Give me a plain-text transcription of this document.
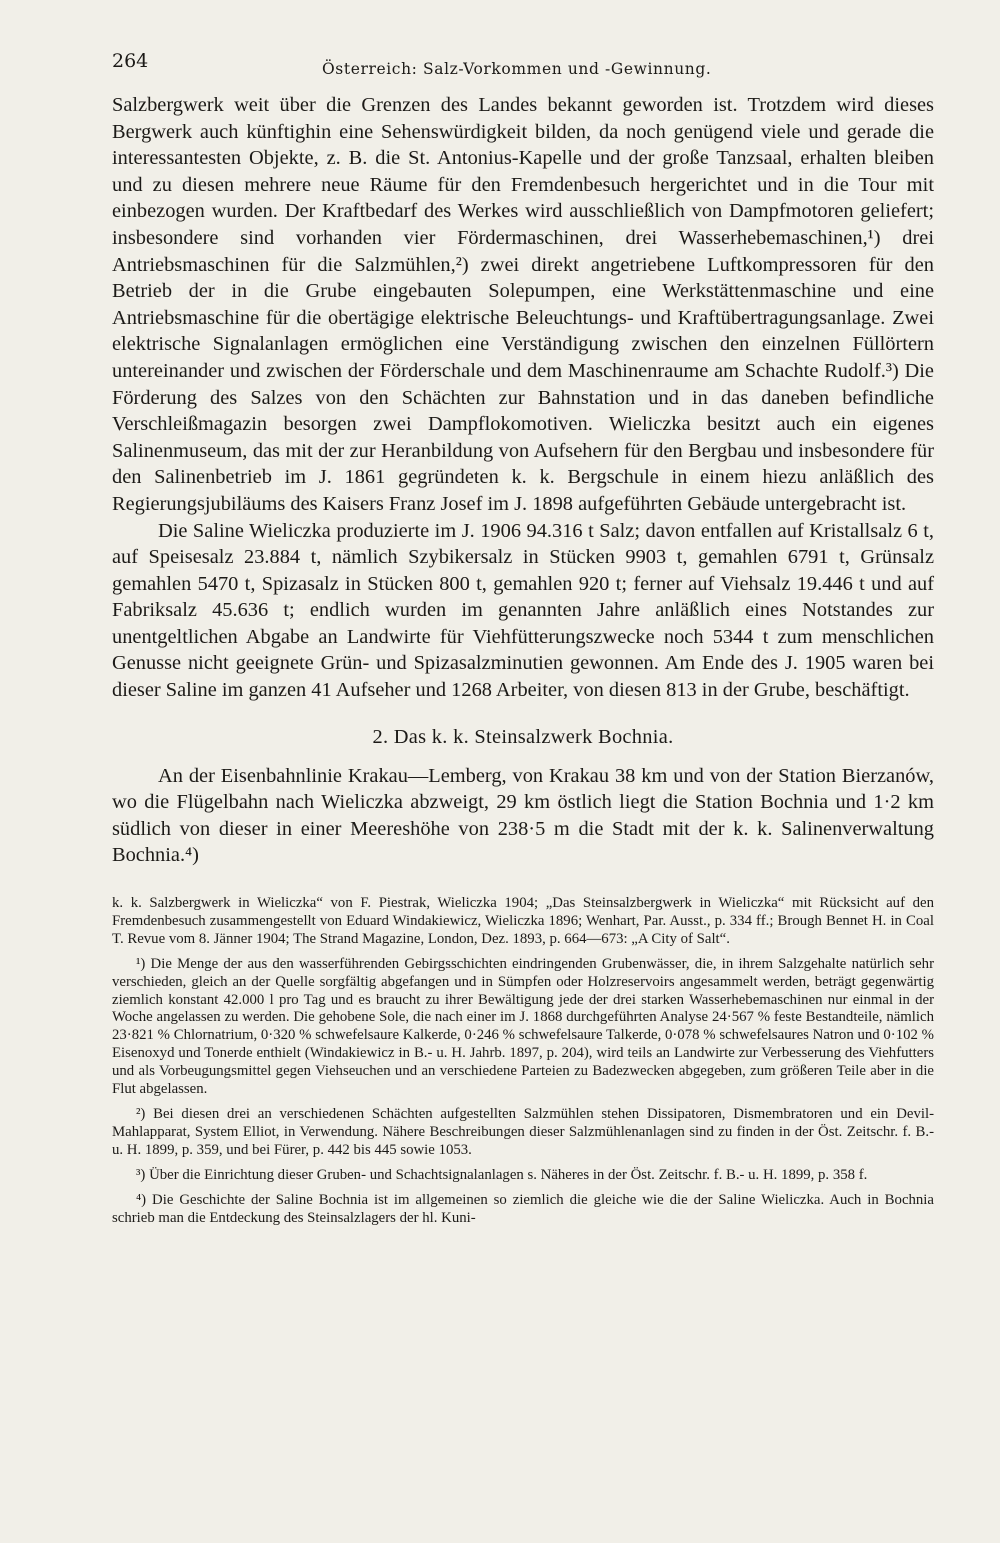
264	Österreich: Salz-Vorkommen und -Gewinnung.

Salzbergwerk weit über die Grenzen des Landes bekannt geworden ist. Trotzdem wird dieses Bergwerk auch künftighin eine Sehenswürdigkeit bilden, da noch genügend viele und gerade die interessantesten Objekte, z. B. die St. Antonius-Kapelle und der große Tanzsaal, erhalten bleiben und zu diesen mehrere neue Räume für den Fremdenbesuch hergerichtet und in die Tour mit einbezogen wurden. Der Kraftbedarf des Werkes wird ausschließlich von Dampfmotoren geliefert; insbesondere sind vorhanden vier Fördermaschinen, drei Wasserhebemaschinen,¹) drei Antriebsmaschinen für die Salzmühlen,²) zwei direkt angetriebene Luftkompressoren für den Betrieb der in die Grube eingebauten Solepumpen, eine Werkstättenmaschine und eine Antriebsmaschine für die obertägige elektrische Beleuchtungs- und Kraftübertragungsanlage. Zwei elektrische Signalanlagen ermöglichen eine Verständigung zwischen den einzelnen Füllörtern untereinander und zwischen der Förderschale und dem Maschinenraume am Schachte Rudolf.³) Die Förderung des Salzes von den Schächten zur Bahnstation und in das daneben befindliche Verschleißmagazin besorgen zwei Dampflokomotiven. Wieliczka besitzt auch ein eigenes Salinenmuseum, das mit der zur Heranbildung von Aufsehern für den Bergbau und insbesondere für den Salinenbetrieb im J. 1861 gegründeten k. k. Bergschule in einem hiezu anläßlich des Regierungsjubiläums des Kaisers Franz Josef im J. 1898 aufgeführten Gebäude untergebracht ist.

Die Saline Wieliczka produzierte im J. 1906 94.316 t Salz; davon entfallen auf Kristallsalz 6 t, auf Speisesalz 23.884 t, nämlich Szybikersalz in Stücken 9903 t, gemahlen 6791 t, Grünsalz gemahlen 5470 t, Spizasalz in Stücken 800 t, gemahlen 920 t; ferner auf Viehsalz 19.446 t und auf Fabriksalz 45.636 t; endlich wurden im genannten Jahre anläßlich eines Notstandes zur unentgeltlichen Abgabe an Landwirte für Viehfütterungszwecke noch 5344 t zum menschlichen Genusse nicht geeignete Grün- und Spizasalzminutien gewonnen. Am Ende des J. 1905 waren bei dieser Saline im ganzen 41 Aufseher und 1268 Arbeiter, von diesen 813 in der Grube, beschäftigt.

2. Das k. k. Steinsalzwerk Bochnia.

An der Eisenbahnlinie Krakau—Lemberg, von Krakau 38 km und von der Station Bierzanów, wo die Flügelbahn nach Wieliczka abzweigt, 29 km östlich liegt die Station Bochnia und 1·2 km südlich von dieser in einer Meereshöhe von 238·5 m die Stadt mit der k. k. Salinenverwaltung Bochnia.⁴)

k. k. Salzbergwerk in Wieliczka“ von F. Piestrak, Wieliczka 1904; „Das Steinsalzbergwerk in Wieliczka“ mit Rücksicht auf den Fremdenbesuch zusammengestellt von Eduard Windakiewicz, Wieliczka 1896; Wenhart, Par. Ausst., p. 334 ff.; Brough Bennet H. in Coal T. Revue vom 8. Jänner 1904; The Strand Magazine, London, Dez. 1893, p. 664—673: „A City of Salt“.

¹) Die Menge der aus den wasserführenden Gebirgsschichten eindringenden Grubenwässer, die, in ihrem Salzgehalte natürlich sehr verschieden, gleich an der Quelle sorgfältig abgefangen und in Sümpfen oder Holzreservoirs angesammelt werden, beträgt gegenwärtig ziemlich konstant 42.000 l pro Tag und es braucht zu ihrer Bewältigung jede der drei starken Wasserhebemaschinen nur einmal in der Woche angelassen zu werden. Die gehobene Sole, die nach einer im J. 1868 durchgeführten Analyse 24·567 % feste Bestandteile, nämlich 23·821 % Chlornatrium, 0·320 % schwefelsaure Kalkerde, 0·246 % schwefelsaure Talkerde, 0·078 % schwefelsaures Natron und 0·102 % Eisenoxyd und Tonerde enthielt (Windakiewicz in B.- u. H. Jahrb. 1897, p. 204), wird teils an Landwirte zur Verbesserung des Viehfutters und als Vorbeugungsmittel gegen Viehseuchen und an verschiedene Parteien zu Badezwecken abgegeben, zum größeren Teile aber in die Flut abgelassen.

²) Bei diesen drei an verschiedenen Schächten aufgestellten Salzmühlen stehen Dissipatoren, Dismembratoren und ein Devil-Mahlapparat, System Elliot, in Verwendung. Nähere Beschreibungen dieser Salzmühlenanlagen sind zu finden in der Öst. Zeitschr. f. B.- u. H. 1899, p. 359, und bei Fürer, p. 442 bis 445 sowie 1053.

³) Über die Einrichtung dieser Gruben- und Schachtsignalanlagen s. Näheres in der Öst. Zeitschr. f. B.- u. H. 1899, p. 358 f.

⁴) Die Geschichte der Saline Bochnia ist im allgemeinen so ziemlich die gleiche wie die der Saline Wieliczka. Auch in Bochnia schrieb man die Entdeckung des Steinsalzlagers der hl. Kuni-
